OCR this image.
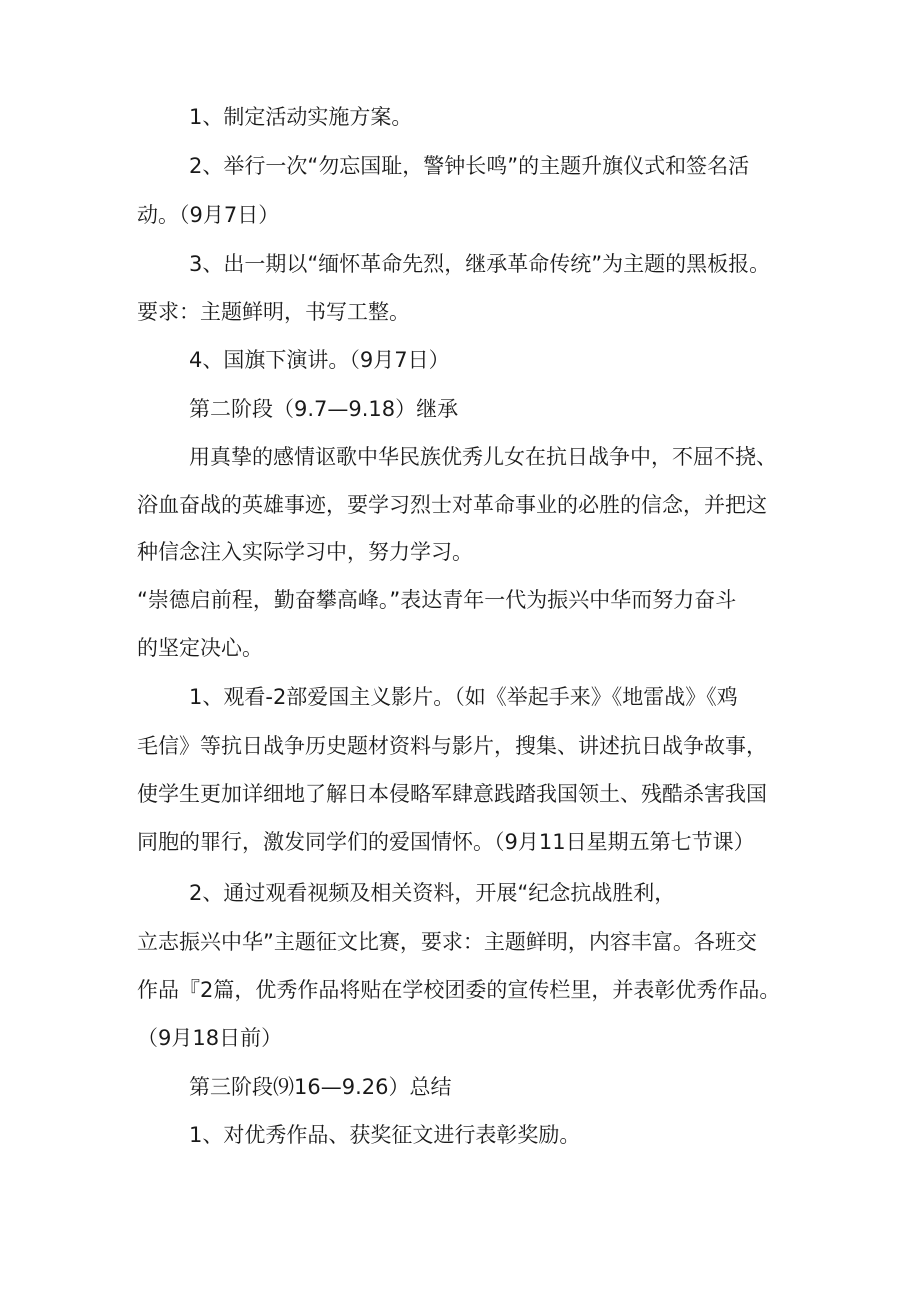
1、制定活动实施方案。

2、举行一次“勿忘国耻，警钟长鸣”的主题升旗仪式和签名活

动。（9月7日）

3、出一期以“缅怀革命先烈，继承革命传统”为主题的黑板报。

要求：主题鲜明，书写工整。

4、国旗下演讲。（9月7日）

第二阶段（9.7—9.18）继承

用真挚的感情讴歌中华民族优秀儿女在抗日战争中，不屈不挠、

浴血奋战的英雄事迹，要学习烈士对革命事业的必胜的信念，并把这

种信念注入实际学习中，努力学习。

“崇德启前程，勤奋攀高峰。”表达青年一代为振兴中华而努力奋斗

的坚定决心。

1、观看-2部爱国主义影片。（如《举起手来》《地雷战》《鸡

毛信》等抗日战争历史题材资料与影片，搜集、讲述抗日战争故事，

使学生更加详细地了解日本侵略军肆意践踏我国领土、残酷杀害我国

同胞的罪行，激发同学们的爱国情怀。（9月11日星期五第七节课）

2、通过观看视频及相关资料，开展“纪念抗战胜利，

立志振兴中华”主题征文比赛，要求：主题鲜明，内容丰富。各班交

作品『2篇，优秀作品将贴在学校团委的宣传栏里，并表彰优秀作品。

（9月18日前）

第三阶段⑼16—9.26）总结

1、对优秀作品、获奖征文进行表彰奖励。
